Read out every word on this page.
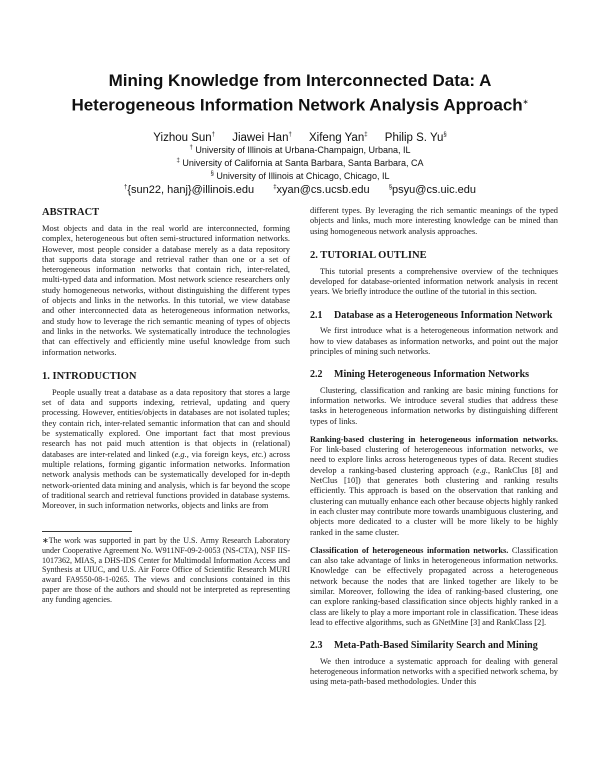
Mining Knowledge from Interconnected Data: A
Heterogeneous Information Network Analysis Approach∗
Yizhou Sun† Jiawei Han† Xifeng Yan‡ Philip S. Yu§
† University of Illinois at Urbana-Champaign, Urbana, IL
‡ University of California at Santa Barbara, Santa Barbara, CA
§ University of Illinois at Chicago, Chicago, IL
†{sun22, hanj}@illinois.edu	‡xyan@cs.ucsb.edu	§psyu@cs.uic.edu
ABSTRACT

Most objects and data in the real world are interconnected, forming complex, heterogeneous but often semi-structured information networks. However, most people consider a database merely as a data repository that supports data storage and retrieval rather than one or a set of heterogeneous information networks that contain rich, inter-related, multi-typed data and information. Most network science researchers only study homogeneous networks, without distinguishing the different types of objects and links in the networks. In this tutorial, we view database and other interconnected data as heterogeneous information networks, and study how to leverage the rich semantic meaning of types of objects and links in the networks. We systematically introduce the technologies that can effectively and efficiently mine useful knowledge from such information networks.

1. INTRODUCTION

People usually treat a database as a data repository that stores a large set of data and supports indexing, retrieval, updating and query processing. However, entities/objects in databases are not isolated tuples; they contain rich, inter-related semantic information that can and should be systematically explored. One important fact that most previous research has not paid much attention is that objects in (relational) databases are inter-related and linked (e.g., via foreign keys, etc.) across multiple relations, forming gigantic information networks. Information network analysis methods can be systematically developed for in-depth network-oriented data mining and analysis, which is far beyond the scope of traditional search and retrieval functions provided in database systems. Moreover, in such information networks, objects and links are from

∗The work was supported in part by the U.S. Army Research Laboratory under Cooperative Agreement No. W911NF-09-2-0053 (NS-CTA), NSF IIS-1017362, MIAS, a DHS-IDS Center for Multimodal Information Access and Synthesis at UIUC, and U.S. Air Force Office of Scientific Research MURI award FA9550-08-1-0265. The views and conclusions contained in this paper are those of the authors and should not be interpreted as representing any funding agencies.

different types. By leveraging the rich semantic meanings of the typed objects and links, much more interesting knowledge can be mined than using homogeneous network analysis approaches.

2. TUTORIAL OUTLINE

This tutorial presents a comprehensive overview of the techniques developed for database-oriented information network analysis in recent years. We briefly introduce the outline of the tutorial in this section.

2.1	Database as a Heterogeneous Information Network

We first introduce what is a heterogeneous information network and how to view databases as information networks, and point out the major principles of mining such networks.

2.2	Mining Heterogeneous Information Networks

Clustering, classification and ranking are basic mining functions for information networks. We introduce several studies that address these tasks in heterogeneous information networks by distinguishing different types of links.

Ranking-based clustering in heterogeneous information networks. For link-based clustering of heterogeneous information networks, we need to explore links across heterogeneous types of data. Recent studies develop a ranking-based clustering approach (e.g., RankClus [8] and NetClus [10]) that generates both clustering and ranking results efficiently. This approach is based on the observation that ranking and clustering can mutually enhance each other because objects highly ranked in each cluster may contribute more towards unambiguous clustering, and objects more dedicated to a cluster will be more likely to be highly ranked in the same cluster.

Classification of heterogeneous information networks. Classification can also take advantage of links in heterogeneous information networks. Knowledge can be effectively propagated across a heterogeneous network because the nodes that are linked together are likely to be similar. Moreover, following the idea of ranking-based clustering, one can explore ranking-based classification since objects highly ranked in a class are likely to play a more important role in classification. These ideas lead to effective algorithms, such as GNetMine [3] and RankClass [2].

2.3	Meta-Path-Based Similarity Search and Mining

We then introduce a systematic approach for dealing with general heterogeneous information networks with a specified network schema, by using meta-path-based methodologies. Under this
